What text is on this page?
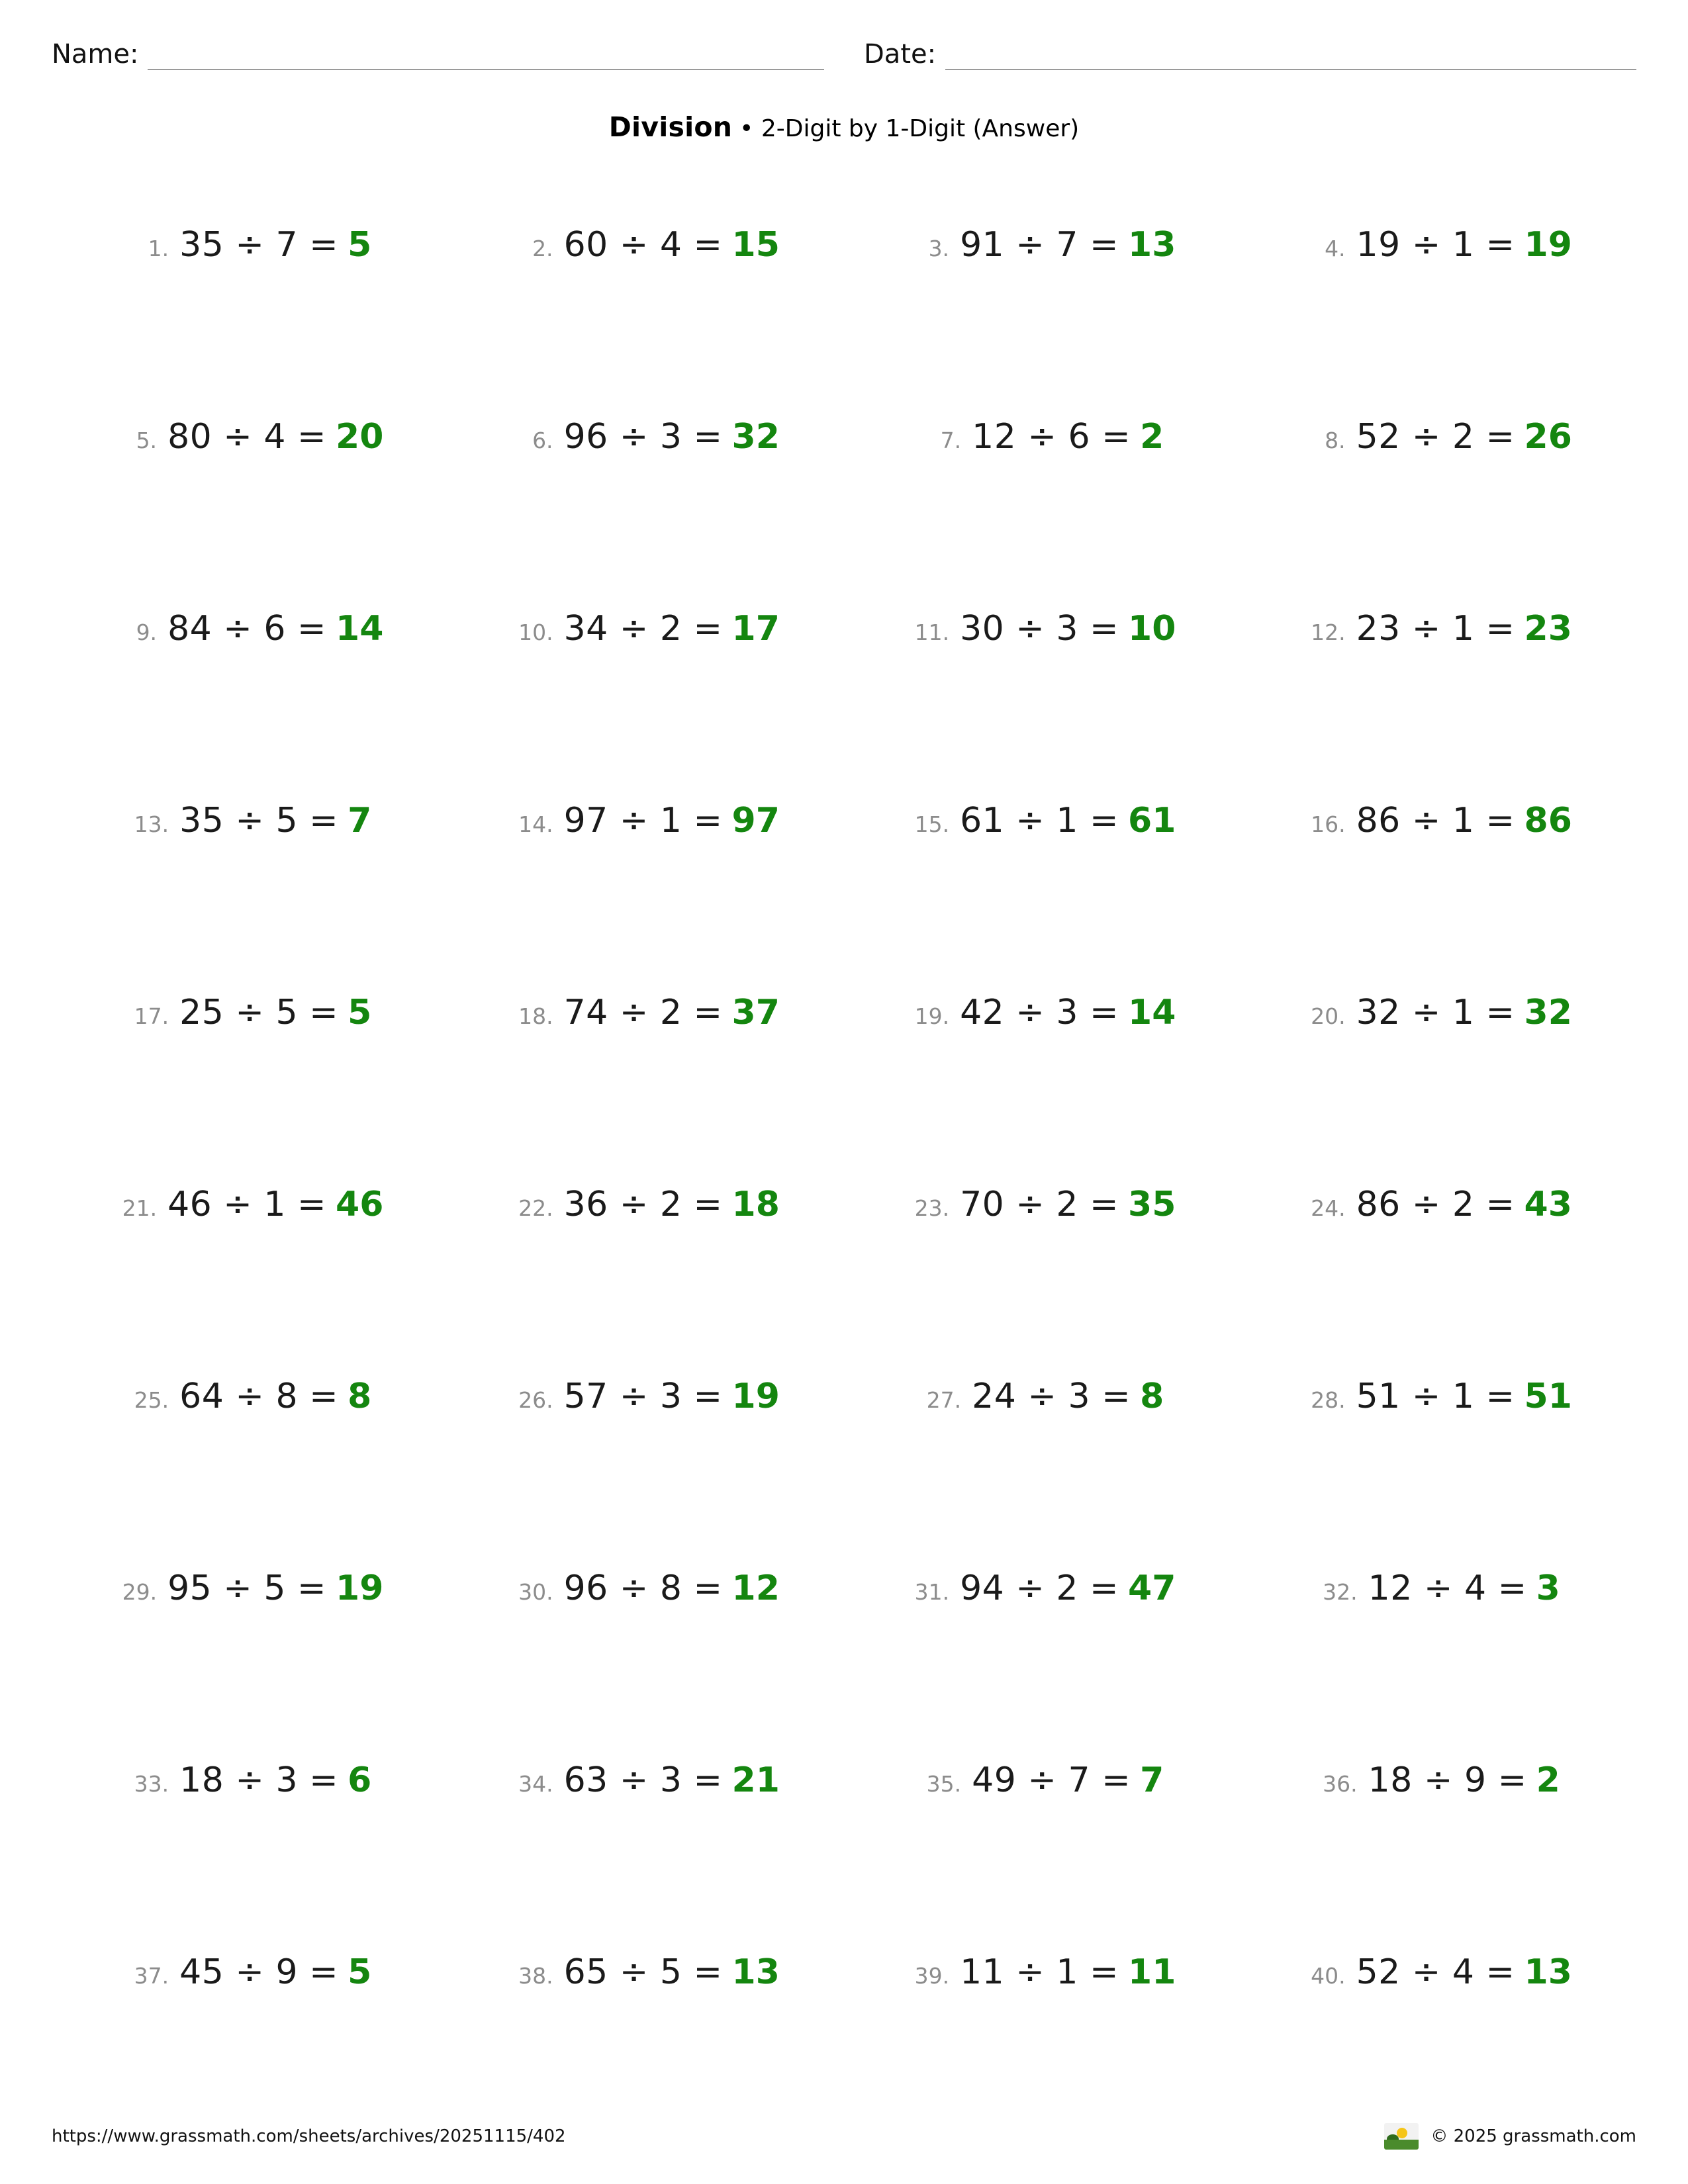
Name:	Date:
Division • 2-Digit by 1-Digit (Answer)
1. 35 ÷ 7 = 5	2. 60 ÷ 4 = 15	3. 91 ÷ 7 = 13	4. 19 ÷ 1 = 19
5. 80 ÷ 4 = 20	6. 96 ÷ 3 = 32	7. 12 ÷ 6 = 2	8. 52 ÷ 2 = 26
9. 84 ÷ 6 = 14	10. 34 ÷ 2 = 17	11. 30 ÷ 3 = 10	12. 23 ÷ 1 = 23
13. 35 ÷ 5 = 7	14. 97 ÷ 1 = 97	15. 61 ÷ 1 = 61	16. 86 ÷ 1 = 86
17. 25 ÷ 5 = 5	18. 74 ÷ 2 = 37	19. 42 ÷ 3 = 14	20. 32 ÷ 1 = 32
21. 46 ÷ 1 = 46	22. 36 ÷ 2 = 18	23. 70 ÷ 2 = 35	24. 86 ÷ 2 = 43
25. 64 ÷ 8 = 8	26. 57 ÷ 3 = 19	27. 24 ÷ 3 = 8	28. 51 ÷ 1 = 51
29. 95 ÷ 5 = 19	30. 96 ÷ 8 = 12	31. 94 ÷ 2 = 47	32. 12 ÷ 4 = 3
33. 18 ÷ 3 = 6	34. 63 ÷ 3 = 21	35. 49 ÷ 7 = 7	36. 18 ÷ 9 = 2
37. 45 ÷ 9 = 5	38. 65 ÷ 5 = 13	39. 11 ÷ 1 = 11	40. 52 ÷ 4 = 13
https://www.grassmath.com/sheets/archives/20251115/402	© 2025 grassmath.com
